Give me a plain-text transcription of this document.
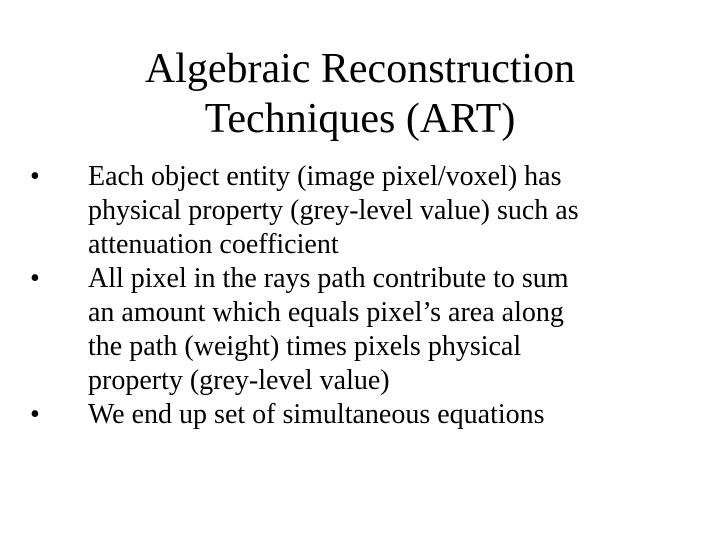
Algebraic Reconstruction
Techniques (ART)
•	Each object entity (image pixel/voxel) has
physical property (grey-level value) such as
attenuation coefficient
•	All pixel in the rays path contribute to sum
an amount which equals pixel’s area along
the path (weight) times pixels physical
property (grey-level value)
•	We end up set of simultaneous equations
